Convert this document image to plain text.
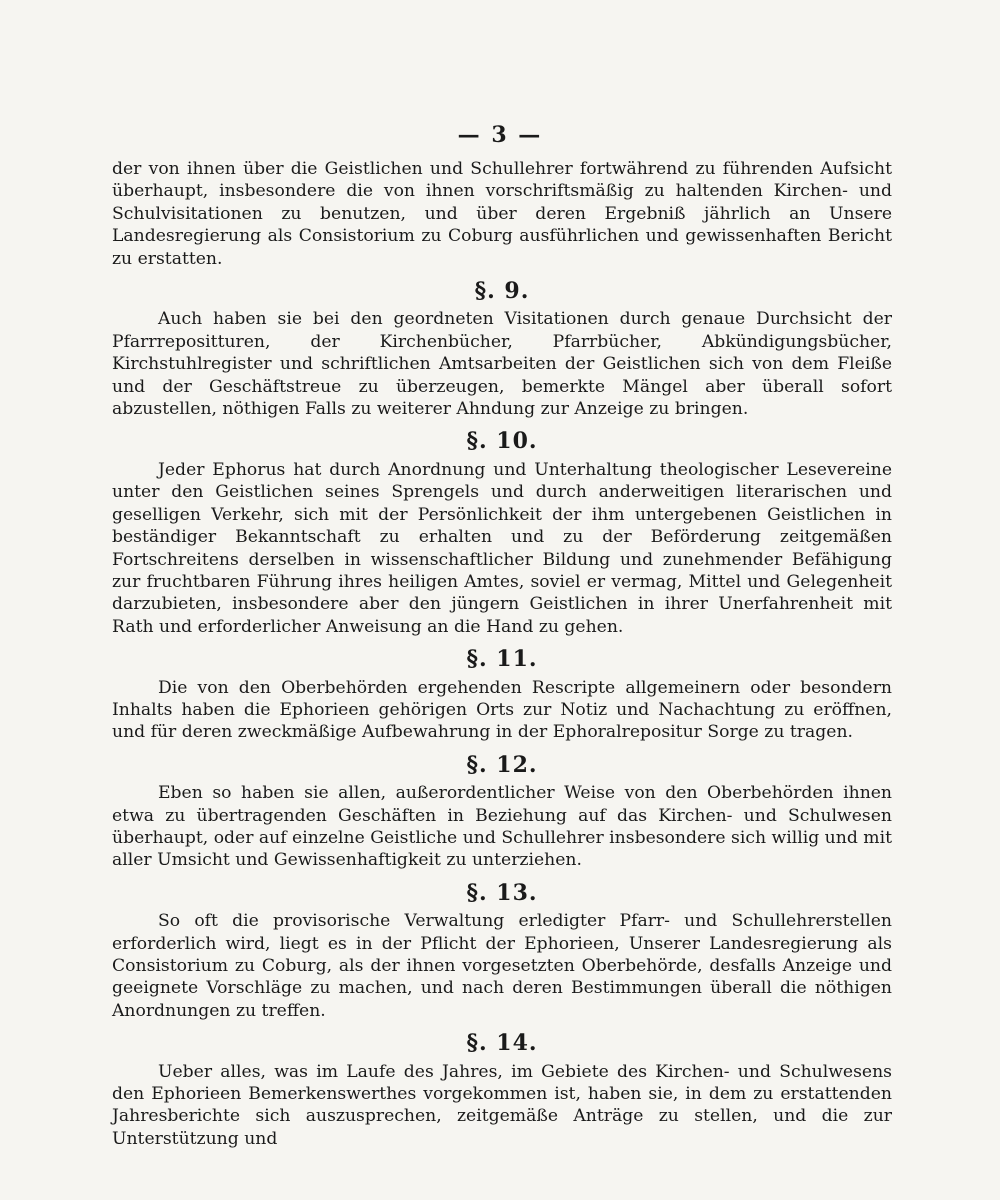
— 3 —

der von ihnen über die Geistlichen und Schullehrer fortwährend zu führenden Aufsicht überhaupt, insbesondere die von ihnen vorschriftsmäßig zu haltenden Kirchen- und Schulvisitationen zu benutzen, und über deren Ergebniß jährlich an Unsere Landesregierung als Consistorium zu Coburg ausführlichen und gewissenhaften Bericht zu erstatten.

§. 9.

Auch haben sie bei den geordneten Visitationen durch genaue Durchsicht der Pfarrrepositturen, der Kirchenbücher, Pfarrbücher, Abkündigungsbücher, Kirchstuhlregister und schriftlichen Amtsarbeiten der Geistlichen sich von dem Fleiße und der Geschäftstreue zu überzeugen, bemerkte Mängel aber überall sofort abzustellen, nöthigen Falls zu weiterer Ahndung zur Anzeige zu bringen.

§. 10.

Jeder Ephorus hat durch Anordnung und Unterhaltung theologischer Lesevereine unter den Geistlichen seines Sprengels und durch anderweitigen literarischen und geselligen Verkehr, sich mit der Persönlichkeit der ihm untergebenen Geistlichen in beständiger Bekanntschaft zu erhalten und zu der Beförderung zeitgemäßen Fortschreitens derselben in wissenschaftlicher Bildung und zunehmender Befähigung zur fruchtbaren Führung ihres heiligen Amtes, soviel er vermag, Mittel und Gelegenheit darzubieten, insbesondere aber den jüngern Geistlichen in ihrer Unerfahrenheit mit Rath und erforderlicher Anweisung an die Hand zu gehen.

§. 11.

Die von den Oberbehörden ergehenden Rescripte allgemeinern oder besondern Inhalts haben die Ephorieen gehörigen Orts zur Notiz und Nachachtung zu eröffnen, und für deren zweckmäßige Aufbewahrung in der Ephoralrepositur Sorge zu tragen.

§. 12.

Eben so haben sie allen, außerordentlicher Weise von den Oberbehörden ihnen etwa zu übertragenden Geschäften in Beziehung auf das Kirchen- und Schulwesen überhaupt, oder auf einzelne Geistliche und Schullehrer insbesondere sich willig und mit aller Umsicht und Gewissenhaftigkeit zu unterziehen.

§. 13.

So oft die provisorische Verwaltung erledigter Pfarr- und Schullehrerstellen erforderlich wird, liegt es in der Pflicht der Ephorieen, Unserer Landesregierung als Consistorium zu Coburg, als der ihnen vorgesetzten Oberbehörde, desfalls Anzeige und geeignete Vorschläge zu machen, und nach deren Bestimmungen überall die nöthigen Anordnungen zu treffen.

§. 14.

Ueber alles, was im Laufe des Jahres, im Gebiete des Kirchen- und Schulwesens den Ephorieen Bemerkenswerthes vorgekommen ist, haben sie, in dem zu erstattenden Jahresberichte sich auszusprechen, zeitgemäße Anträge zu stellen, und die zur Unterstützung und
